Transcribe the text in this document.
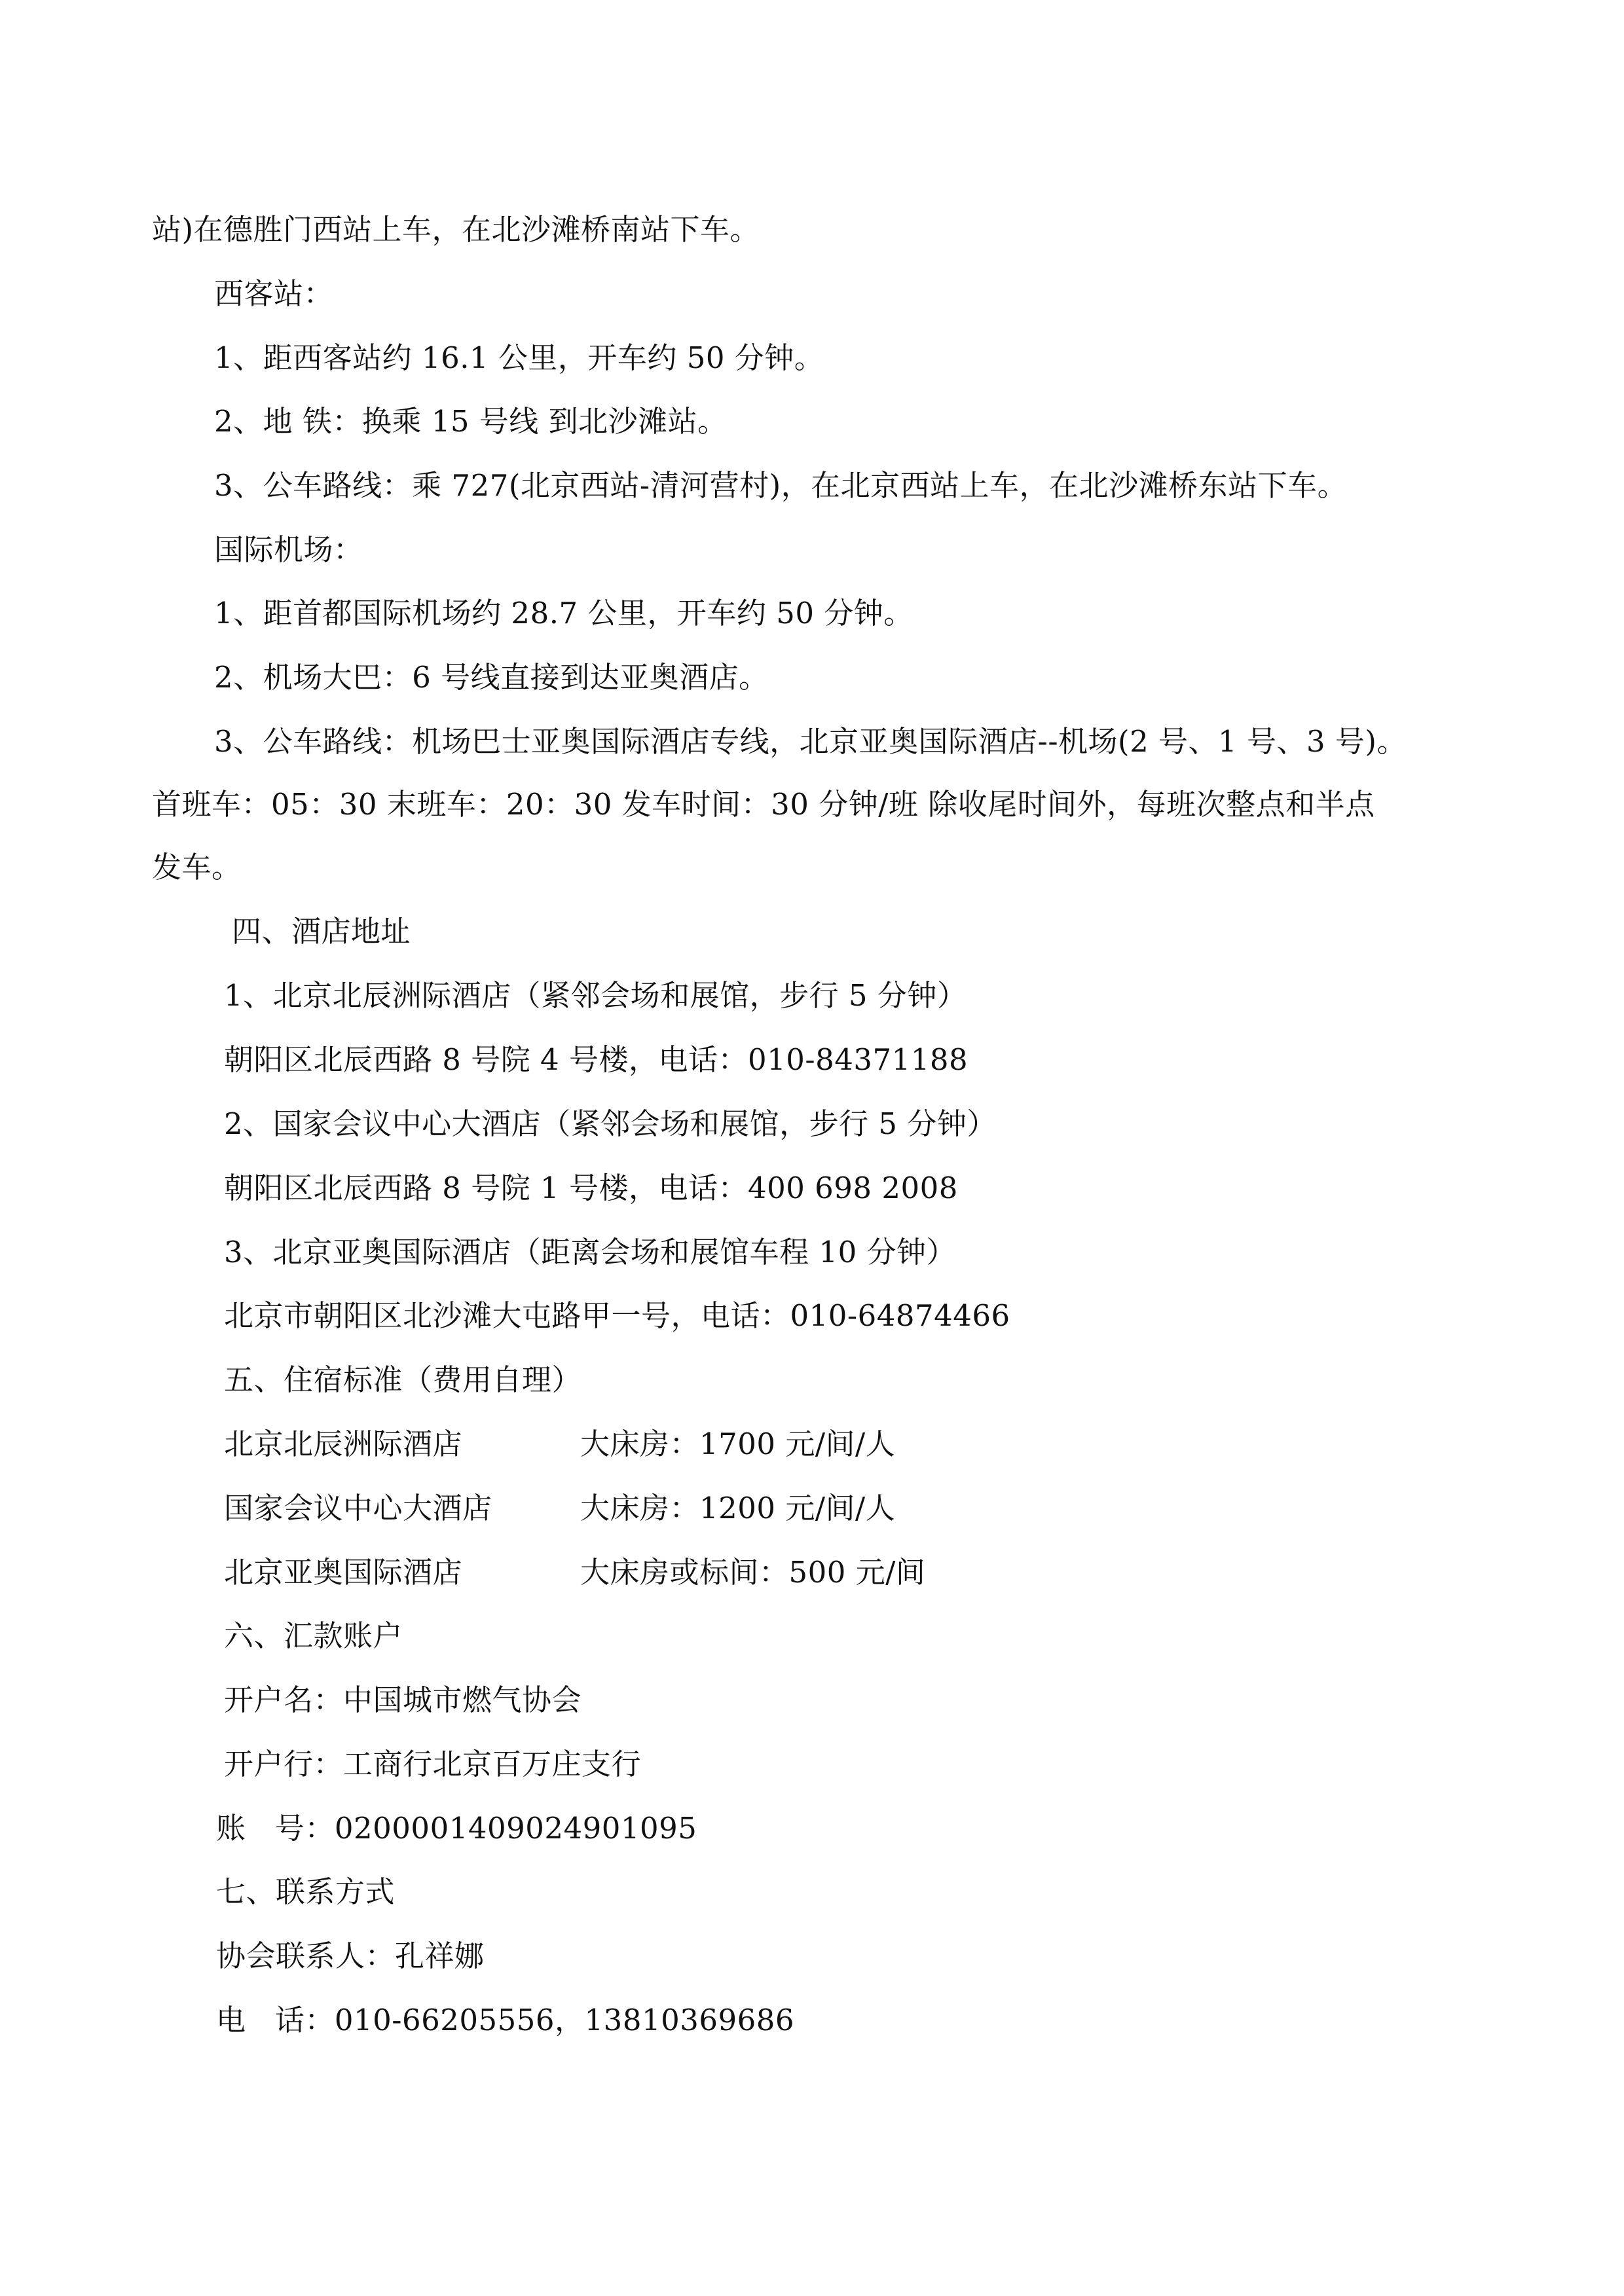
站)在德胜门西站上车，在北沙滩桥南站下车。
西客站：
1、距西客站约 16.1 公里，开车约 50 分钟。
2、地 铁：换乘 15 号线 到北沙滩站。
3、公车路线：乘 727(北京西站-清河营村)，在北京西站上车，在北沙滩桥东站下车。
国际机场：
1、距首都国际机场约 28.7 公里，开车约 50 分钟。
2、机场大巴：6 号线直接到达亚奥酒店。
3、公车路线：机场巴士亚奥国际酒店专线，北京亚奥国际酒店--机场(2 号、1 号、3 号)。
首班车：05：30 末班车：20：30 发车时间：30 分钟/班 除收尾时间外，每班次整点和半点
发车。
四、酒店地址
1、北京北辰洲际酒店（紧邻会场和展馆，步行 5 分钟）
朝阳区北辰西路 8 号院 4 号楼，电话：010-84371188
2、国家会议中心大酒店（紧邻会场和展馆，步行 5 分钟）
朝阳区北辰西路 8 号院 1 号楼，电话：400 698 2008
3、北京亚奥国际酒店（距离会场和展馆车程 10 分钟）
北京市朝阳区北沙滩大屯路甲一号，电话：010-64874466
五、住宿标准（费用自理）
北京北辰洲际酒店	大床房：1700 元/间/人
国家会议中心大酒店	大床房：1200 元/间/人
北京亚奥国际酒店	大床房或标间：500 元/间
六、汇款账户
开户名：中国城市燃气协会
开户行：工商行北京百万庄支行
账   号：0200001409024901095
七、联系方式
协会联系人：孔祥娜
电   话：010-66205556，13810369686
